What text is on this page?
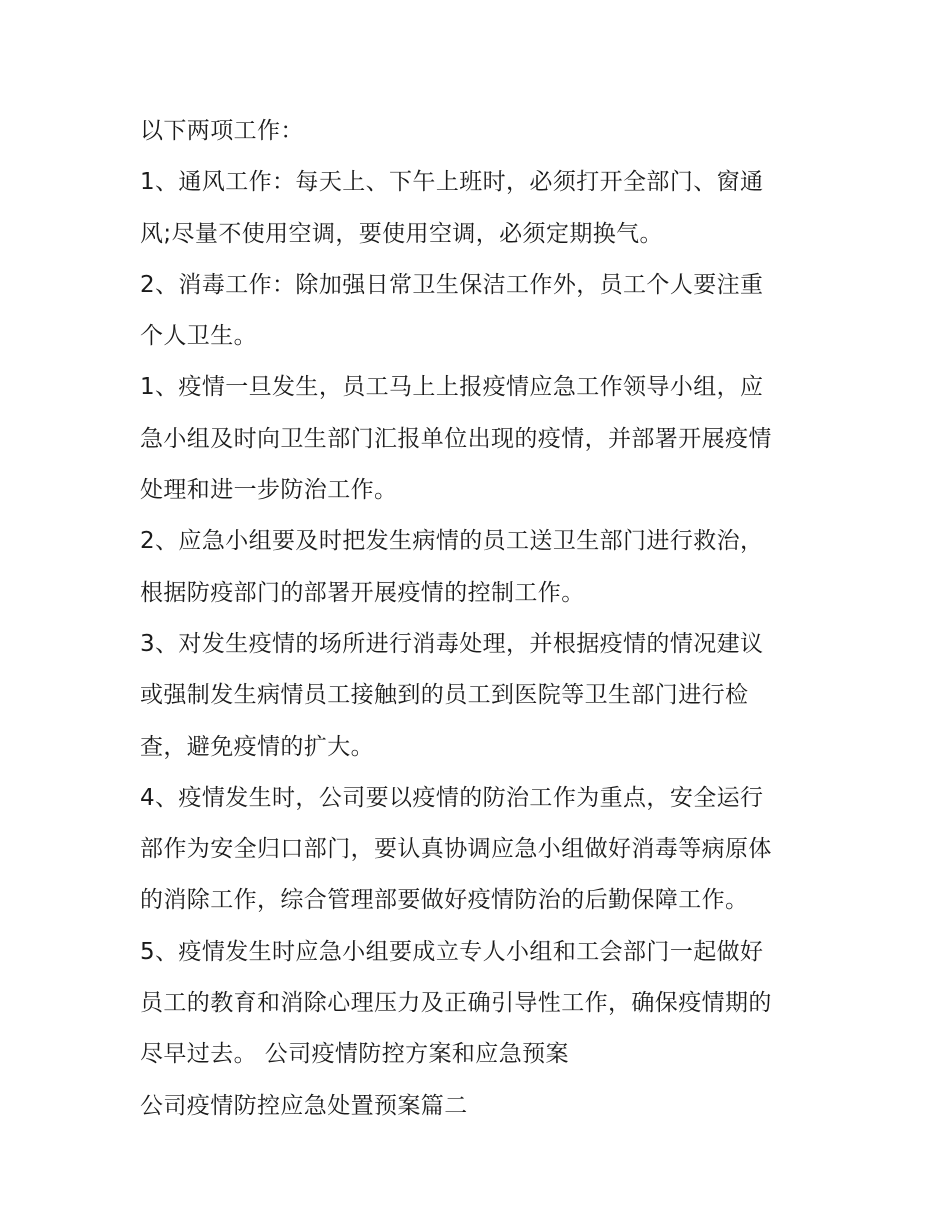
以下两项工作：
1、通风工作：每天上、下午上班时，必须打开全部门、窗通
风;尽量不使用空调，要使用空调，必须定期换气。
2、消毒工作：除加强日常卫生保洁工作外，员工个人要注重
个人卫生。
1、疫情一旦发生，员工马上上报疫情应急工作领导小组，应
急小组及时向卫生部门汇报单位出现的疫情，并部署开展疫情
处理和进一步防治工作。
2、应急小组要及时把发生病情的员工送卫生部门进行救治，
根据防疫部门的部署开展疫情的控制工作。
3、对发生疫情的场所进行消毒处理，并根据疫情的情况建议
或强制发生病情员工接触到的员工到医院等卫生部门进行检
查，避免疫情的扩大。
4、疫情发生时，公司要以疫情的防治工作为重点，安全运行
部作为安全归口部门，要认真协调应急小组做好消毒等病原体
的消除工作，综合管理部要做好疫情防治的后勤保障工作。
5、疫情发生时应急小组要成立专人小组和工会部门一起做好
员工的教育和消除心理压力及正确引导性工作，确保疫情期的
尽早过去。 公司疫情防控方案和应急预案
公司疫情防控应急处置预案篇二
